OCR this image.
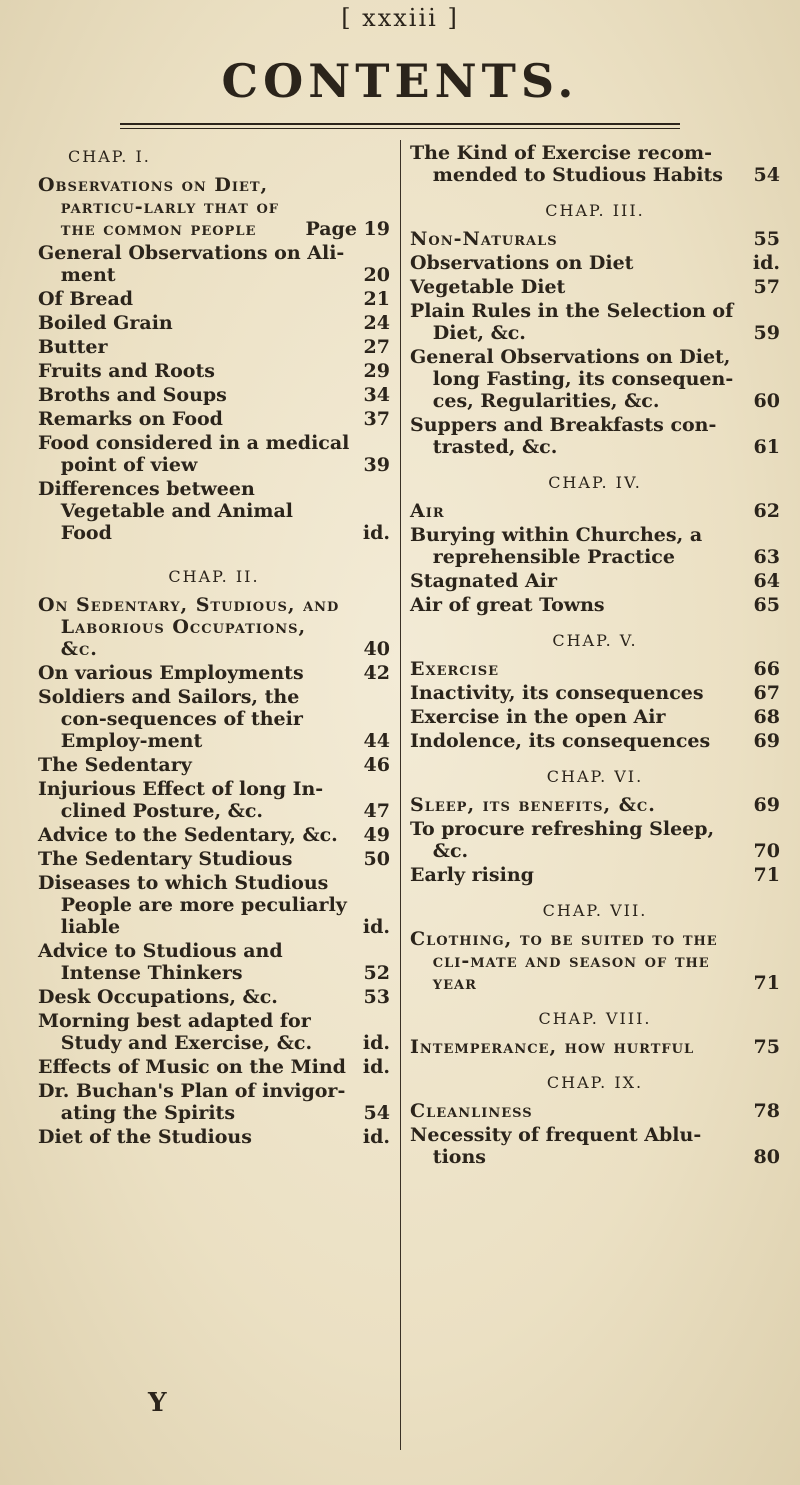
[ xxxiii ]
CONTENTS.
CHAP. I.
Observations on Diet, particu-larly that of the common people	Page 19
General Observations on Ali-ment	20
Of Bread	21
Boiled Grain	24
Butter	27
Fruits and Roots	29
Broths and Soups	34
Remarks on Food	37
Food considered in a medical point of view	39
Differences between Vegetable and Animal Food	id.
CHAP. II.
On Sedentary, Studious, and Laborious Occupations, &c.	40
On various Employments	42
Soldiers and Sailors, the con-sequences of their Employ-ment	44
The Sedentary	46
Injurious Effect of long In-clined Posture, &c.	47
Advice to the Sedentary, &c.	49
The Sedentary Studious	50
Diseases to which Studious People are more peculiarly liable	id.
Advice to Studious and Intense Thinkers	52
Desk Occupations, &c.	53
Morning best adapted for Study and Exercise, &c.	id.
Effects of Music on the Mind id.
Dr. Buchan's Plan of invigor-ating the Spirits	54
Diet of the Studious	id.
The Kind of Exercise recom-mended to Studious Habits	54
CHAP. III.
Non-Naturals	55
Observations on Diet	id.
Vegetable Diet	57
Plain Rules in the Selection of Diet, &c.	59
General Observations on Diet, long Fasting, its consequen-ces, Regularities, &c.	60
Suppers and Breakfasts con-trasted, &c.	61
CHAP. IV.
Air	62
Burying within Churches, a reprehensible Practice	63
Stagnated Air	64
Air of great Towns	65
CHAP. V.
Exercise	66
Inactivity, its consequences	67
Exercise in the open Air	68
Indolence, its consequences	69
CHAP. VI.
Sleep, its benefits, &c.	69
To procure refreshing Sleep, &c.	70
Early rising	71
CHAP. VII.
Clothing, to be suited to the cli-mate and season of the year	71
CHAP. VIII.
Intemperance, how hurtful	75
CHAP. IX.
Cleanliness	78
Necessity of frequent Ablu-tions	80
Y
